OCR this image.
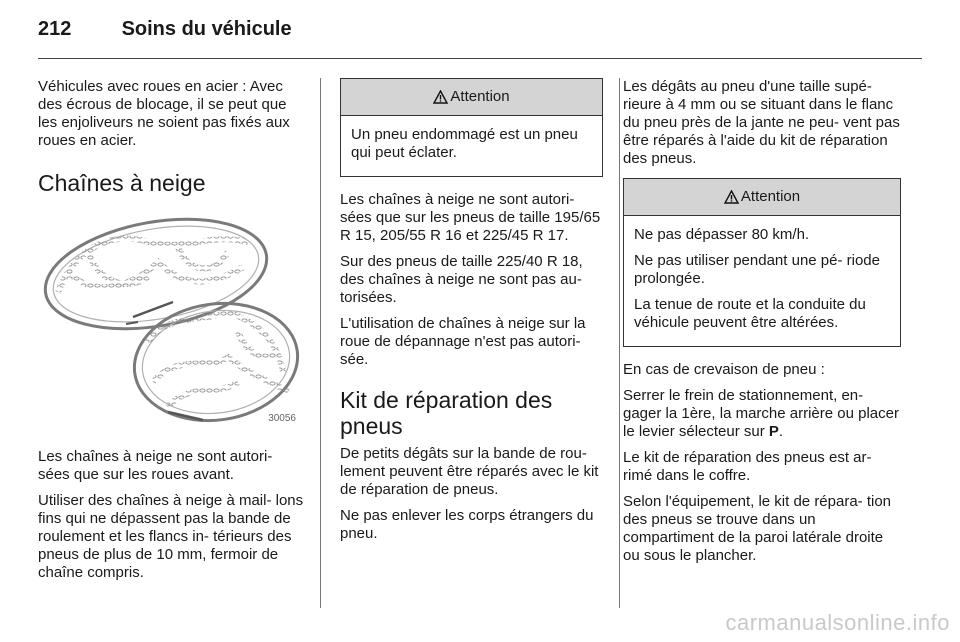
212	Soins du véhicule

Véhicules avec roues en acier : Avec des écrous de blocage, il se peut que les enjoliveurs ne soient pas fixés aux roues en acier.

Chaînes à neige
30056

Les chaînes à neige ne sont autori‑ sées que sur les roues avant.

Utiliser des chaînes à neige à mail‑ lons fins qui ne dépassent pas la bande de roulement et les flancs in‑ térieurs des pneus de plus de 10 mm, fermoir de chaîne compris.

Attention

Un pneu endommagé est un pneu qui peut éclater.

Les chaînes à neige ne sont autori‑ sées que sur les pneus de taille 195/65 R 15, 205/55 R 16 et 225/45 R 17.

Sur des pneus de taille 225/40 R 18, des chaînes à neige ne sont pas au‑ torisées.

L'utilisation de chaînes à neige sur la roue de dépannage n'est pas autori‑ sée.

Kit de réparation des pneus

De petits dégâts sur la bande de rou‑ lement peuvent être réparés avec le kit de réparation de pneus.

Ne pas enlever les corps étrangers du pneu.

Les dégâts au pneu d'une taille supé‑ rieure à 4 mm ou se situant dans le flanc du pneu près de la jante ne peu‑ vent pas être réparés à l'aide du kit de réparation des pneus.

Attention

Ne pas dépasser 80 km/h.

Ne pas utiliser pendant une pé‑ riode prolongée.

La tenue de route et la conduite du véhicule peuvent être altérées.

En cas de crevaison de pneu :

Serrer le frein de stationnement, en‑ gager la 1ère, la marche arrière ou placer le levier sélecteur sur P.

Le kit de réparation des pneus est ar‑ rimé dans le coffre.

Selon l'équipement, le kit de répara‑ tion des pneus se trouve dans un compartiment de la paroi latérale droite ou sous le plancher.

carmanualsonline.info
